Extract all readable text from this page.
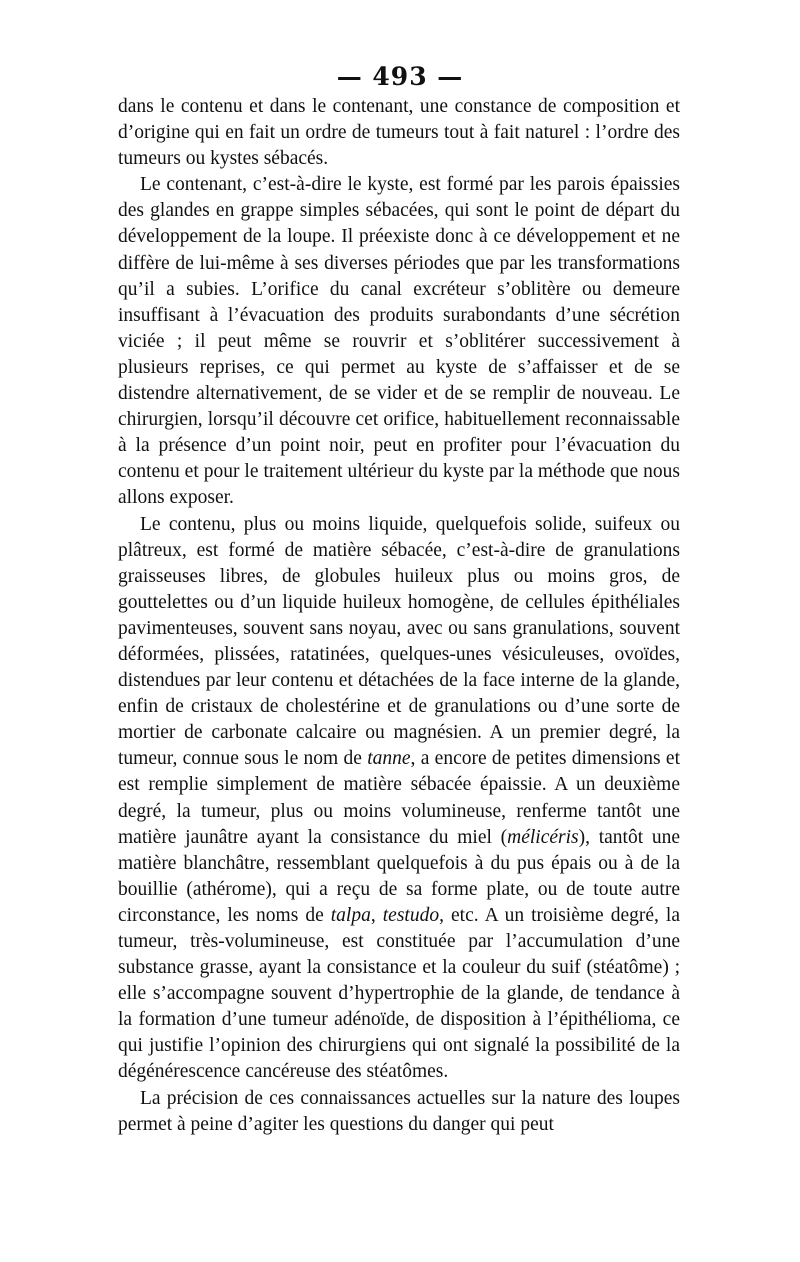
— 493 —

dans le contenu et dans le contenant, une constance de composition et d’origine qui en fait un ordre de tumeurs tout à fait naturel : l’ordre des tumeurs ou kystes sébacés.

Le contenant, c’est-à-dire le kyste, est formé par les parois épaissies des glandes en grappe simples sébacées, qui sont le point de départ du développement de la loupe. Il préexiste donc à ce développement et ne diffère de lui-même à ses diverses périodes que par les transformations qu’il a subies. L’orifice du canal excréteur s’oblitère ou demeure insuffisant à l’évacuation des produits surabondants d’une sécrétion viciée ; il peut même se rouvrir et s’oblitérer successivement à plusieurs reprises, ce qui permet au kyste de s’affaisser et de se distendre alternativement, de se vider et de se remplir de nouveau. Le chirurgien, lorsqu’il découvre cet orifice, habituellement reconnaissable à la présence d’un point noir, peut en profiter pour l’évacuation du contenu et pour le traitement ultérieur du kyste par la méthode que nous allons exposer.

Le contenu, plus ou moins liquide, quelquefois solide, suifeux ou plâtreux, est formé de matière sébacée, c’est-à-dire de granulations graisseuses libres, de globules huileux plus ou moins gros, de gouttelettes ou d’un liquide huileux homogène, de cellules épithéliales pavimenteuses, souvent sans noyau, avec ou sans granulations, souvent déformées, plissées, ratatinées, quelques-unes vésiculeuses, ovoïdes, distendues par leur contenu et détachées de la face interne de la glande, enfin de cristaux de cholestérine et de granulations ou d’une sorte de mortier de carbonate calcaire ou magnésien. A un premier degré, la tumeur, connue sous le nom de tanne, a encore de petites dimensions et est remplie simplement de matière sébacée épaissie. A un deuxième degré, la tumeur, plus ou moins volumineuse, renferme tantôt une matière jaunâtre ayant la consistance du miel (mélicéris), tantôt une matière blanchâtre, ressemblant quelquefois à du pus épais ou à de la bouillie (athérome), qui a reçu de sa forme plate, ou de toute autre circonstance, les noms de talpa, testudo, etc. A un troisième degré, la tumeur, très-volumineuse, est constituée par l’accumulation d’une substance grasse, ayant la consistance et la couleur du suif (stéatôme) ; elle s’accompagne souvent d’hypertrophie de la glande, de tendance à la formation d’une tumeur adénoïde, de disposition à l’épithélioma, ce qui justifie l’opinion des chirurgiens qui ont signalé la possibilité de la dégénérescence cancéreuse des stéatômes.

La précision de ces connaissances actuelles sur la nature des loupes permet à peine d’agiter les questions du danger qui peut
